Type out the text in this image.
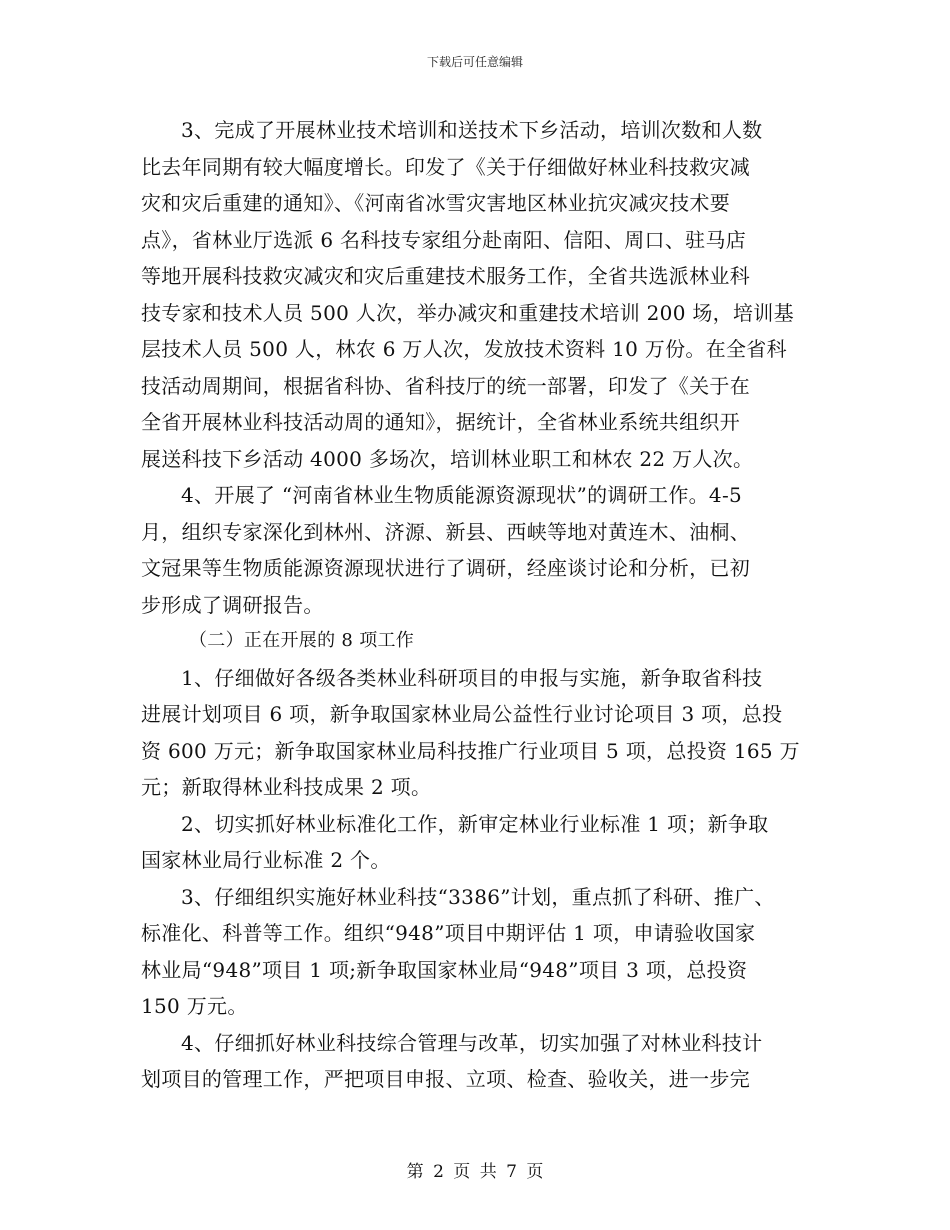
下载后可任意编辑
3、完成了开展林业技术培训和送技术下乡活动，培训次数和人数
比去年同期有较大幅度增长。印发了《关于仔细做好林业科技救灾减
灾和灾后重建的通知》、《河南省冰雪灾害地区林业抗灾减灾技术要
点》，省林业厅选派 6 名科技专家组分赴南阳、信阳、周口、驻马店
等地开展科技救灾减灾和灾后重建技术服务工作，全省共选派林业科
技专家和技术人员 500 人次，举办减灾和重建技术培训 200 场，培训基
层技术人员 500 人，林农 6 万人次，发放技术资料 10 万份。在全省科
技活动周期间，根据省科协、省科技厅的统一部署，印发了《关于在
全省开展林业科技活动周的通知》，据统计，全省林业系统共组织开
展送科技下乡活动 4000 多场次，培训林业职工和林农 22 万人次。
4、开展了 “河南省林业生物质能源资源现状”的调研工作。4-5
月，组织专家深化到林州、济源、新县、西峡等地对黄连木、油桐、
文冠果等生物质能源资源现状进行了调研，经座谈讨论和分析，已初
步形成了调研报告。
（二）正在开展的 8 项工作
1、仔细做好各级各类林业科研项目的申报与实施，新争取省科技
进展计划项目 6 项，新争取国家林业局公益性行业讨论项目 3 项，总投
资 600 万元；新争取国家林业局科技推广行业项目 5 项，总投资 165 万
元；新取得林业科技成果 2 项。
2、切实抓好林业标准化工作，新审定林业行业标准 1 项；新争取
国家林业局行业标准 2 个。
3、仔细组织实施好林业科技“3386”计划，重点抓了科研、推广、
标准化、科普等工作。组织“948”项目中期评估 1 项，申请验收国家
林业局“948”项目 1 项;新争取国家林业局“948”项目 3 项，总投资
150 万元。
4、仔细抓好林业科技综合管理与改革，切实加强了对林业科技计
划项目的管理工作，严把项目申报、立项、检查、验收关，进一步完
第 2 页 共 7 页
